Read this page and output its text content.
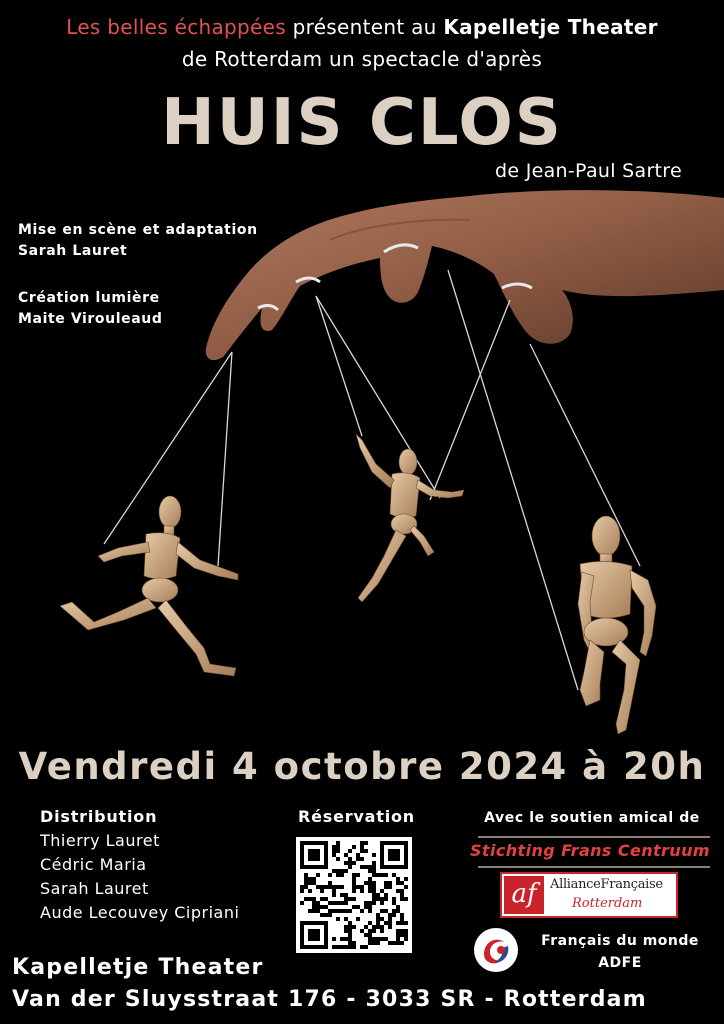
Les belles échappées présentent au Kapelletje Theater
de Rotterdam un spectacle d'après
HUIS CLOS
de Jean-Paul Sartre
Mise en scène et adaptation
Sarah Lauret
Création lumière
Maite Virouleaud
Vendredi 4 octobre 2024 à 20h
Distribution
Thierry Lauret
Cédric Maria
Sarah Lauret
Aude Lecouvey Cipriani
Réservation	Avec le soutien amical de
Stichting Frans Centruum
af	AllianceFrançaise
Rotterdam
Français du monde
ADFE
Kapelletje Theater
Van der Sluysstraat 176 - 3033 SR - Rotterdam
